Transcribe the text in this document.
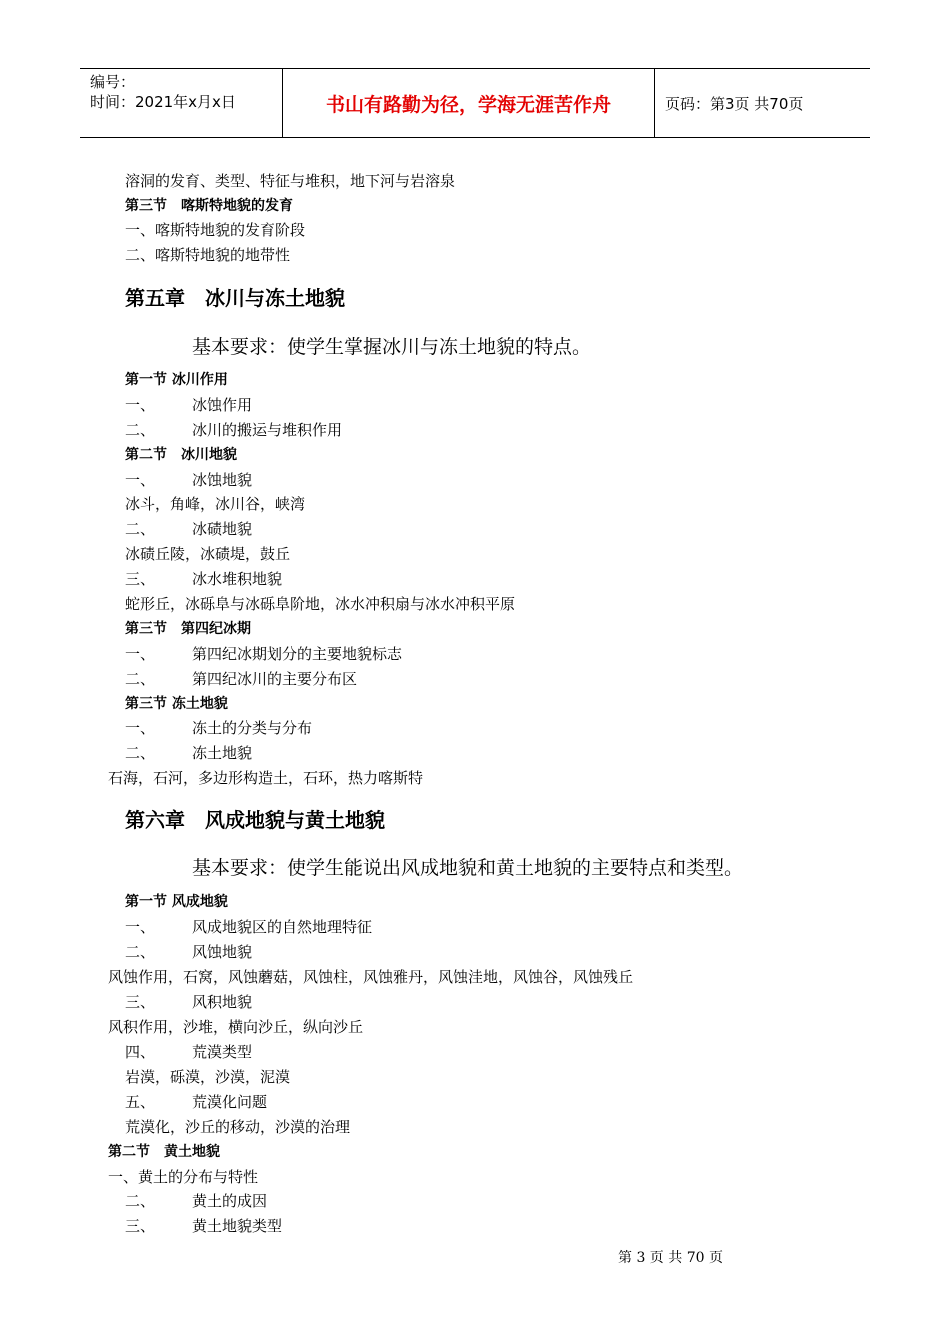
编号：
时间：2021年x月x日	书山有路勤为径，学海无涯苦作舟	页码：第3页 共70页
溶洞的发育、类型、特征与堆积，地下河与岩溶泉
第三节　喀斯特地貌的发育
一、喀斯特地貌的发育阶段
二、喀斯特地貌的地带性
第五章　冰川与冻土地貌
基本要求：使学生掌握冰川与冻土地貌的特点。
第一节 冰川作用
一、 冰蚀作用
二、 冰川的搬运与堆积作用
第二节　冰川地貌
一、 冰蚀地貌
冰斗，角峰，冰川谷，峡湾
二、 冰碛地貌
冰碛丘陵，冰碛堤，鼓丘
三、 冰水堆积地貌
蛇形丘，冰砾阜与冰砾阜阶地，冰水冲积扇与冰水冲积平原
第三节　第四纪冰期
一、 第四纪冰期划分的主要地貌标志
二、 第四纪冰川的主要分布区
第三节 冻土地貌
一、 冻土的分类与分布
二、 冻土地貌
石海，石河，多边形构造土，石环，热力喀斯特
第六章　风成地貌与黄土地貌
基本要求：使学生能说出风成地貌和黄土地貌的主要特点和类型。
第一节 风成地貌
一、 风成地貌区的自然地理特征
二、 风蚀地貌
风蚀作用，石窝，风蚀蘑菇，风蚀柱，风蚀雅丹，风蚀洼地，风蚀谷，风蚀残丘
三、 风积地貌
风积作用，沙堆，横向沙丘，纵向沙丘
四、 荒漠类型
岩漠，砾漠，沙漠，泥漠
五、 荒漠化问题
荒漠化，沙丘的移动，沙漠的治理
第二节　黄土地貌
一、黄土的分布与特性
二、 黄土的成因
三、 黄土地貌类型
第 3 页 共 70 页
